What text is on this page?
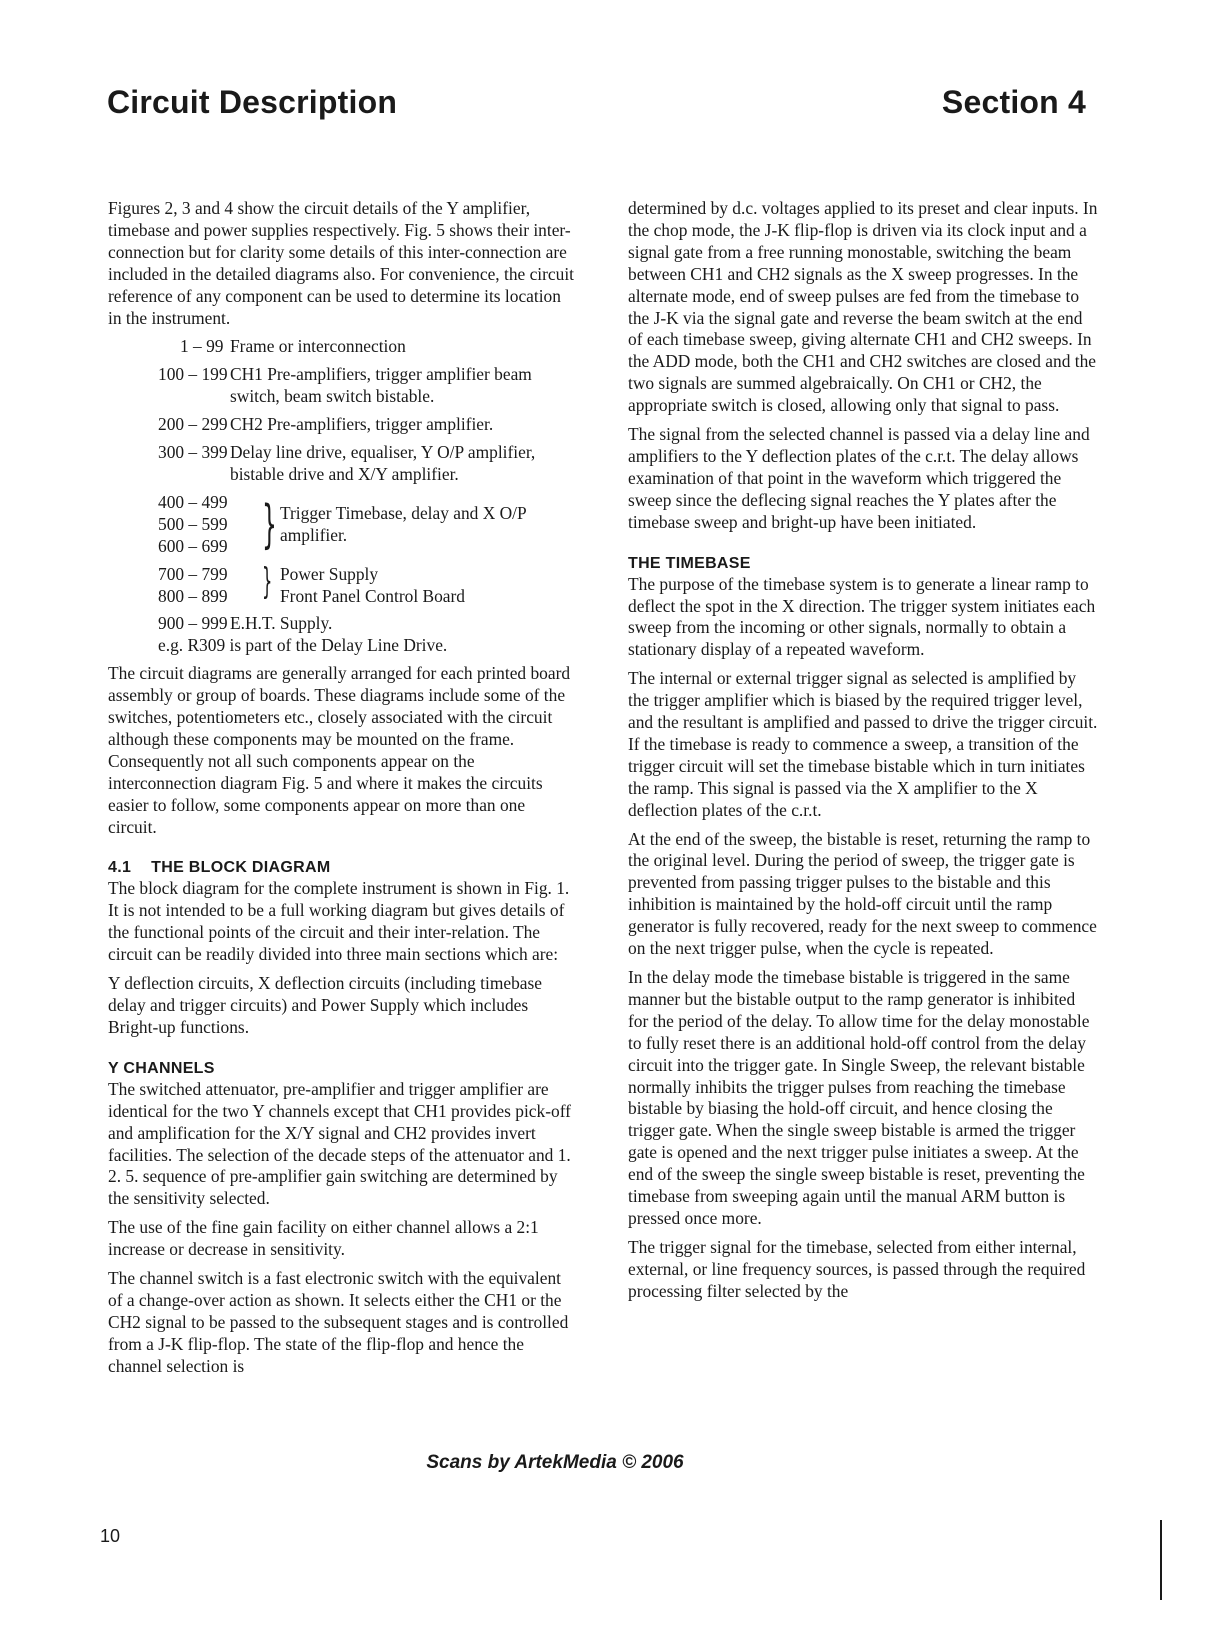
Circuit Description	Section 4

Figures 2, 3 and 4 show the circuit details of the Y amplifier, timebase and power supplies respectively. Fig. 5 shows their inter-connection but for clarity some details of this inter-connection are included in the detailed diagrams also. For convenience, the circuit reference of any component can be used to determine its location in the instrument.

1 – 99 Frame or interconnection
100 – 199 CH1 Pre-amplifiers, trigger amplifier beam switch, beam switch bistable.
200 – 299 CH2 Pre-amplifiers, trigger amplifier.
300 – 399 Delay line drive, equaliser, Y O/P amplifier, bistable drive and X/Y amplifier.
400 – 499
500 – 599
600 – 699 } Trigger Timebase, delay and X O/P amplifier.
700 – 799
800 – 899 } Power Supply
Front Panel Control Board
900 – 999 E.H.T. Supply.
e.g. R309 is part of the Delay Line Drive.

The circuit diagrams are generally arranged for each printed board assembly or group of boards. These diagrams include some of the switches, potentiometers etc., closely associated with the circuit although these components may be mounted on the frame. Consequently not all such components appear on the interconnection diagram Fig. 5 and where it makes the circuits easier to follow, some components appear on more than one circuit.

4.1 THE BLOCK DIAGRAM

The block diagram for the complete instrument is shown in Fig. 1. It is not intended to be a full working diagram but gives details of the functional points of the circuit and their inter-relation. The circuit can be readily divided into three main sections which are:

Y deflection circuits, X deflection circuits (including timebase delay and trigger circuits) and Power Supply which includes Bright-up functions.

Y CHANNELS

The switched attenuator, pre-amplifier and trigger amplifier are identical for the two Y channels except that CH1 provides pick-off and amplification for the X/Y signal and CH2 provides invert facilities. The selection of the decade steps of the attenuator and 1. 2. 5. sequence of pre-amplifier gain switching are determined by the sensitivity selected.

The use of the fine gain facility on either channel allows a 2:1 increase or decrease in sensitivity.

The channel switch is a fast electronic switch with the equivalent of a change-over action as shown. It selects either the CH1 or the CH2 signal to be passed to the subsequent stages and is controlled from a J-K flip-flop. The state of the flip-flop and hence the channel selection is

determined by d.c. voltages applied to its preset and clear inputs. In the chop mode, the J-K flip-flop is driven via its clock input and a signal gate from a free running monostable, switching the beam between CH1 and CH2 signals as the X sweep progresses. In the alternate mode, end of sweep pulses are fed from the timebase to the J-K via the signal gate and reverse the beam switch at the end of each timebase sweep, giving alternate CH1 and CH2 sweeps. In the ADD mode, both the CH1 and CH2 switches are closed and the two signals are summed algebraically. On CH1 or CH2, the appropriate switch is closed, allowing only that signal to pass.

The signal from the selected channel is passed via a delay line and amplifiers to the Y deflection plates of the c.r.t. The delay allows examination of that point in the waveform which triggered the sweep since the deflecing signal reaches the Y plates after the timebase sweep and bright-up have been initiated.

THE TIMEBASE

The purpose of the timebase system is to generate a linear ramp to deflect the spot in the X direction. The trigger system initiates each sweep from the incoming or other signals, normally to obtain a stationary display of a repeated waveform.

The internal or external trigger signal as selected is amplified by the trigger amplifier which is biased by the required trigger level, and the resultant is amplified and passed to drive the trigger circuit. If the timebase is ready to commence a sweep, a transition of the trigger circuit will set the timebase bistable which in turn initiates the ramp. This signal is passed via the X amplifier to the X deflection plates of the c.r.t.

At the end of the sweep, the bistable is reset, returning the ramp to the original level. During the period of sweep, the trigger gate is prevented from passing trigger pulses to the bistable and this inhibition is maintained by the hold-off circuit until the ramp generator is fully recovered, ready for the next sweep to commence on the next trigger pulse, when the cycle is repeated.

In the delay mode the timebase bistable is triggered in the same manner but the bistable output to the ramp generator is inhibited for the period of the delay. To allow time for the delay monostable to fully reset there is an additional hold-off control from the delay circuit into the trigger gate. In Single Sweep, the relevant bistable normally inhibits the trigger pulses from reaching the timebase bistable by biasing the hold-off circuit, and hence closing the trigger gate. When the single sweep bistable is armed the trigger gate is opened and the next trigger pulse initiates a sweep. At the end of the sweep the single sweep bistable is reset, preventing the timebase from sweeping again until the manual ARM button is pressed once more.

The trigger signal for the timebase, selected from either internal, external, or line frequency sources, is passed through the required processing filter selected by the

Scans by ArtekMedia © 2006
10
